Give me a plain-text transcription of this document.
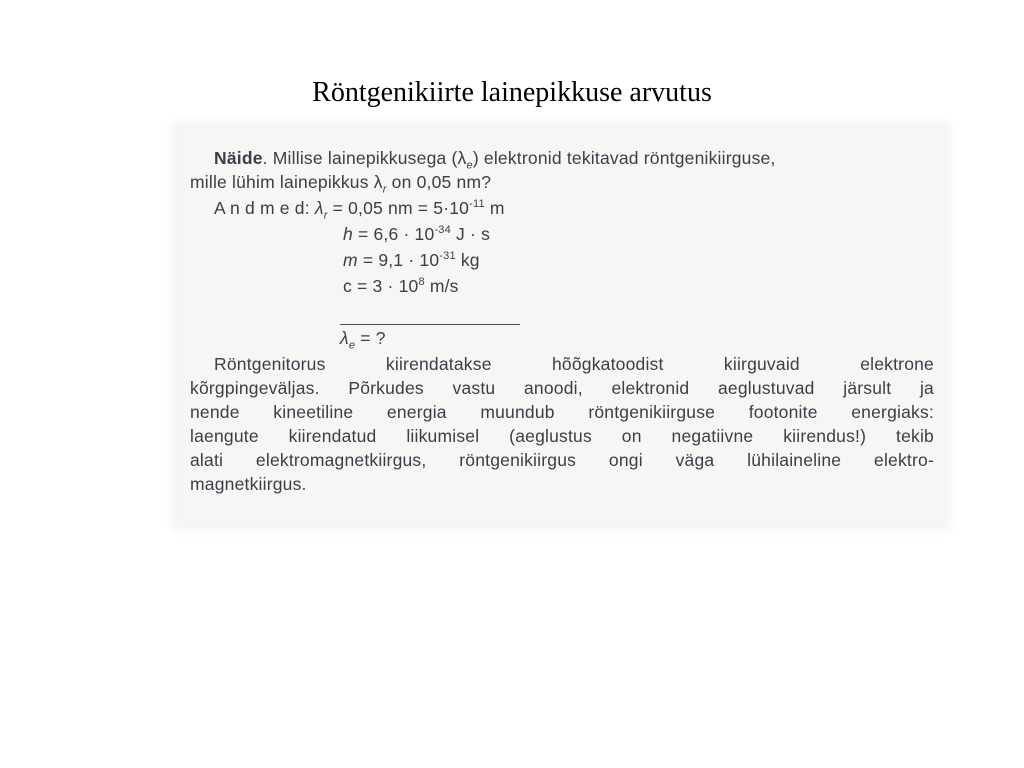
Röntgenikiirte lainepikkuse arvutus

Näide. Millise lainepikkusega $(\lambda_e)$ elektronid tekitavad röntgenikiirguse,
mille lühim lainepikkus $\lambda_r$ on 0,05 nm?
A n d m e d: $\lambda_r = 0,05$ nm = $5\cdot 10^{-11}$ m
$h = 6,6 \cdot 10^{-34}$ J · s
$m = 9,1 \cdot 10^{-31}$ kg
$c = 3 \cdot 10^8$ m/s
$\lambda_e$ = ?
Röntgenitorus kiirendatakse hõõgkatoodist kiirguvaid elektrone
kõrgpingeväljas. Põrkudes vastu anoodi, elektronid aeglustuvad järsult ja
nende kineetiline energia muundub röntgenikiirguse footonite energiaks:
laengute kiirendatud liikumisel (aeglustus on negatiivne kiirendus!) tekib
alati elektromagnetkiirgus, röntgenikiirgus ongi väga lühilaineline elektro-
magnetkiirgus.
